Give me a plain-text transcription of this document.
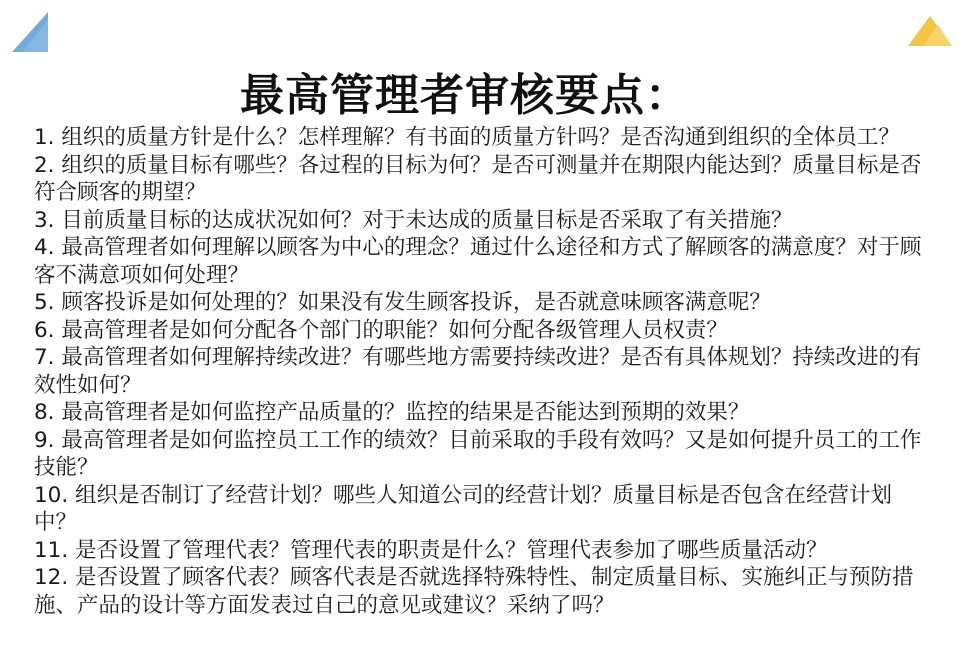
最高管理者审核要点：
1. 组织的质量方针是什么？怎样理解？有书面的质量方针吗？是否沟通到组织的全体员工？
2. 组织的质量目标有哪些？各过程的目标为何？是否可测量并在期限内能达到？质量目标是否符合顾客的期望？
3. 目前质量目标的达成状况如何？对于未达成的质量目标是否采取了有关措施？
4. 最高管理者如何理解以顾客为中心的理念？通过什么途径和方式了解顾客的满意度？对于顾客不满意项如何处理？
5. 顾客投诉是如何处理的？如果没有发生顾客投诉，是否就意味顾客满意呢？
6. 最高管理者是如何分配各个部门的职能？如何分配各级管理人员权责？
7. 最高管理者如何理解持续改进？有哪些地方需要持续改进？是否有具体规划？持续改进的有效性如何？
8. 最高管理者是如何监控产品质量的？监控的结果是否能达到预期的效果？
9. 最高管理者是如何监控员工工作的绩效？目前采取的手段有效吗？又是如何提升员工的工作技能？
10. 组织是否制订了经营计划？哪些人知道公司的经营计划？质量目标是否包含在经营计划中？
11. 是否设置了管理代表？管理代表的职责是什么？管理代表参加了哪些质量活动？
12. 是否设置了顾客代表？顾客代表是否就选择特殊特性、制定质量目标、实施纠正与预防措施、产品的设计等方面发表过自己的意见或建议？采纳了吗？
